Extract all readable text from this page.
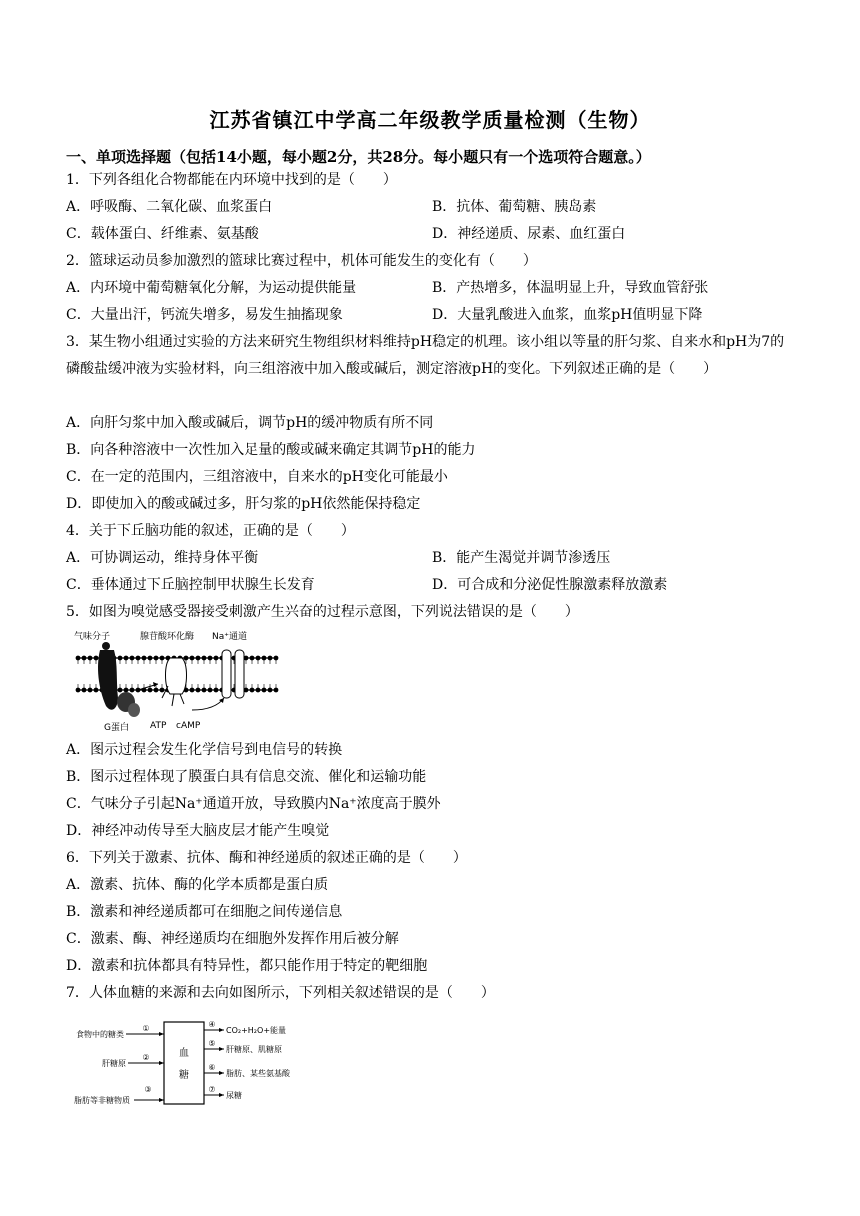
江苏省镇江中学高二年级教学质量检测（生物）
一、单项选择题（包括14小题，每小题2分，共28分。每小题只有一个选项符合题意。）
1．下列各组化合物都能在内环境中找到的是（　　）
A．呼吸酶、二氧化碳、血浆蛋白	B．抗体、葡萄糖、胰岛素
C．载体蛋白、纤维素、氨基酸	D．神经递质、尿素、血红蛋白
2．篮球运动员参加激烈的篮球比赛过程中，机体可能发生的变化有（　　）
A．内环境中葡萄糖氧化分解，为运动提供能量	B．产热增多，体温明显上升，导致血管舒张
C．大量出汗，钙流失增多，易发生抽搐现象	D．大量乳酸进入血浆，血浆pH值明显下降
3．某生物小组通过实验的方法来研究生物组织材料维持pH稳定的机理。该小组以等量的肝匀浆、自来水和pH为7的磷酸盐缓冲液为实验材料，向三组溶液中加入酸或碱后，测定溶液pH的变化。下列叙述正确的是（　　）
A．向肝匀浆中加入酸或碱后，调节pH的缓冲物质有所不同
B．向各种溶液中一次性加入足量的酸或碱来确定其调节pH的能力
C．在一定的范围内，三组溶液中，自来水的pH变化可能最小
D．即使加入的酸或碱过多，肝匀浆的pH依然能保持稳定
4．关于下丘脑功能的叙述，正确的是（　　）
A．可协调运动，维持身体平衡	B．能产生渴觉并调节渗透压
C．垂体通过下丘脑控制甲状腺生长发育	D．可合成和分泌促性腺激素释放激素
5．如图为嗅觉感受器接受刺激产生兴奋的过程示意图，下列说法错误的是（　　）
气味分子	腺苷酸环化酶 Na⁺通道
G蛋白 ATP cAMP
A．图示过程会发生化学信号到电信号的转换
B．图示过程体现了膜蛋白具有信息交流、催化和运输功能
C．气味分子引起Na⁺通道开放，导致膜内Na⁺浓度高于膜外
D．神经冲动传导至大脑皮层才能产生嗅觉
6．下列关于激素、抗体、酶和神经递质的叙述正确的是（　　）
A．激素、抗体、酶的化学本质都是蛋白质
B．激素和神经递质都可在细胞之间传递信息
C．激素、酶、神经递质均在细胞外发挥作用后被分解
D．激素和抗体都具有特异性，都只能作用于特定的靶细胞
7．人体血糖的来源和去向如图所示，下列相关叙述错误的是（　　）
血
糖
食物中的糖类
①
肝糖原
②
脂肪等非糖物质
③
④
CO₂+H₂O+能量
⑤
肝糖原、肌糖原
⑥
脂肪、某些氨基酸
⑦
尿糖
